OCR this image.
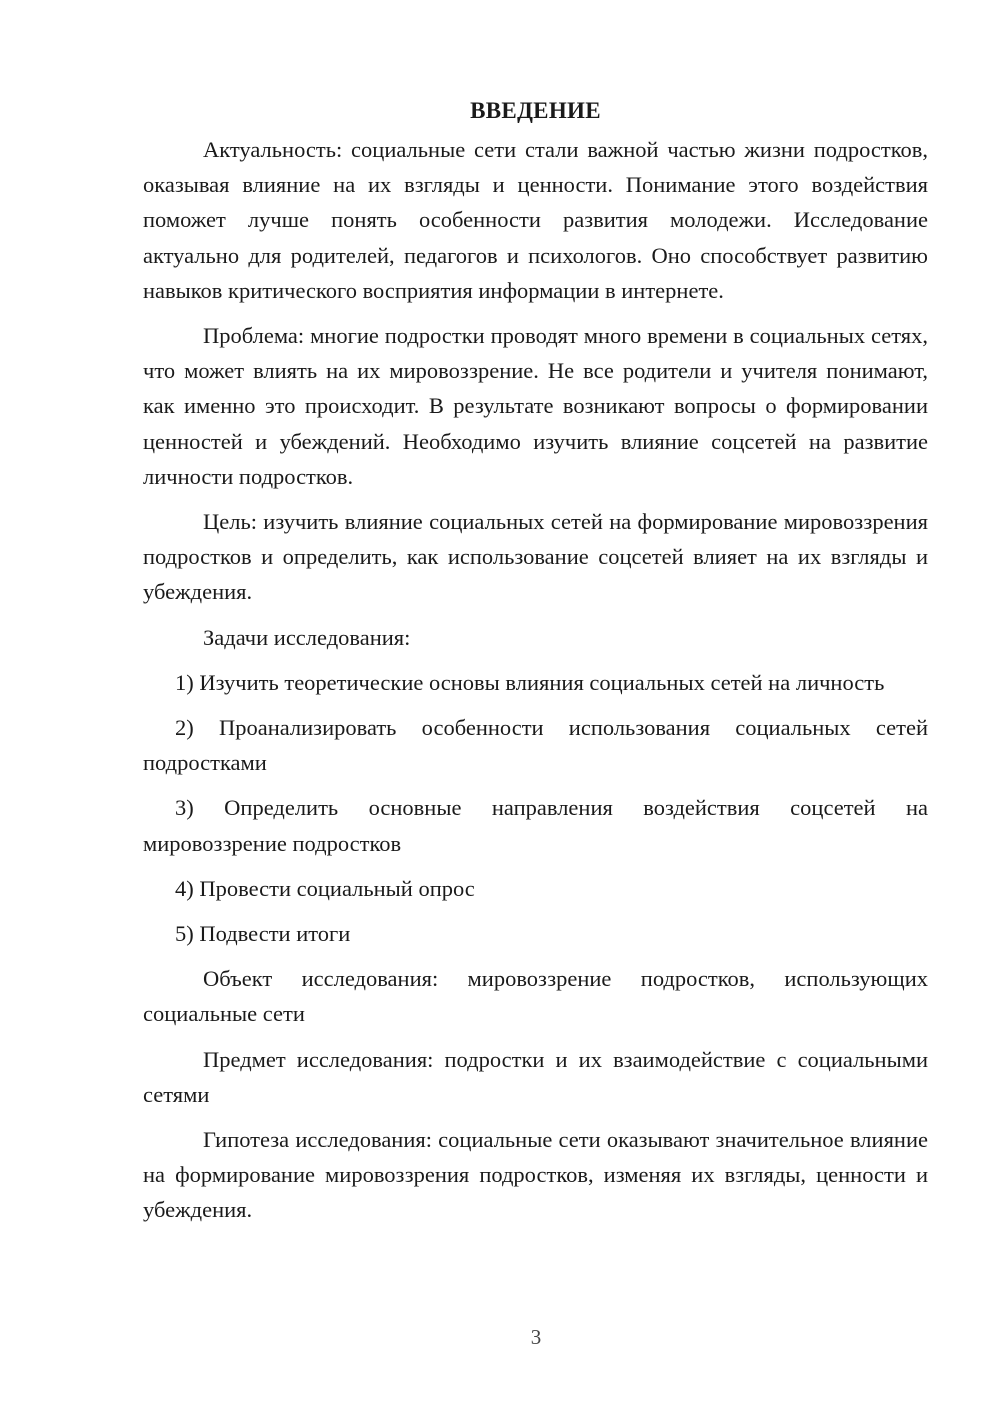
ВВЕДЕНИЕ

Актуальность: социальные сети стали важной частью жизни подростков, оказывая влияние на их взгляды и ценности. Понимание этого воздействия поможет лучше понять особенности развития молодежи. Исследование актуально для родителей, педагогов и психологов. Оно способствует развитию навыков критического восприятия информации в интернете.

Проблема: многие подростки проводят много времени в социальных сетях, что может влиять на их мировоззрение. Не все родители и учителя понимают, как именно это происходит. В результате возникают вопросы о формировании ценностей и убеждений. Необходимо изучить влияние соцсетей на развитие личности подростков.

Цель: изучить влияние социальных сетей на формирование мировоззрения подростков и определить, как использование соцсетей влияет на их взгляды и убеждения.

Задачи исследования:

1) Изучить теоретические основы влияния социальных сетей на личность

2) Проанализировать особенности использования социальных сетей подростками

3) Определить основные направления воздействия соцсетей на мировоззрение подростков

4) Провести социальный опрос

5) Подвести итоги

Объект исследования: мировоззрение подростков, использующих социальные сети

Предмет исследования: подростки и их взаимодействие с социальными сетями

Гипотеза исследования: социальные сети оказывают значительное влияние на формирование мировоззрения подростков, изменяя их взгляды, ценности и убеждения.

3
